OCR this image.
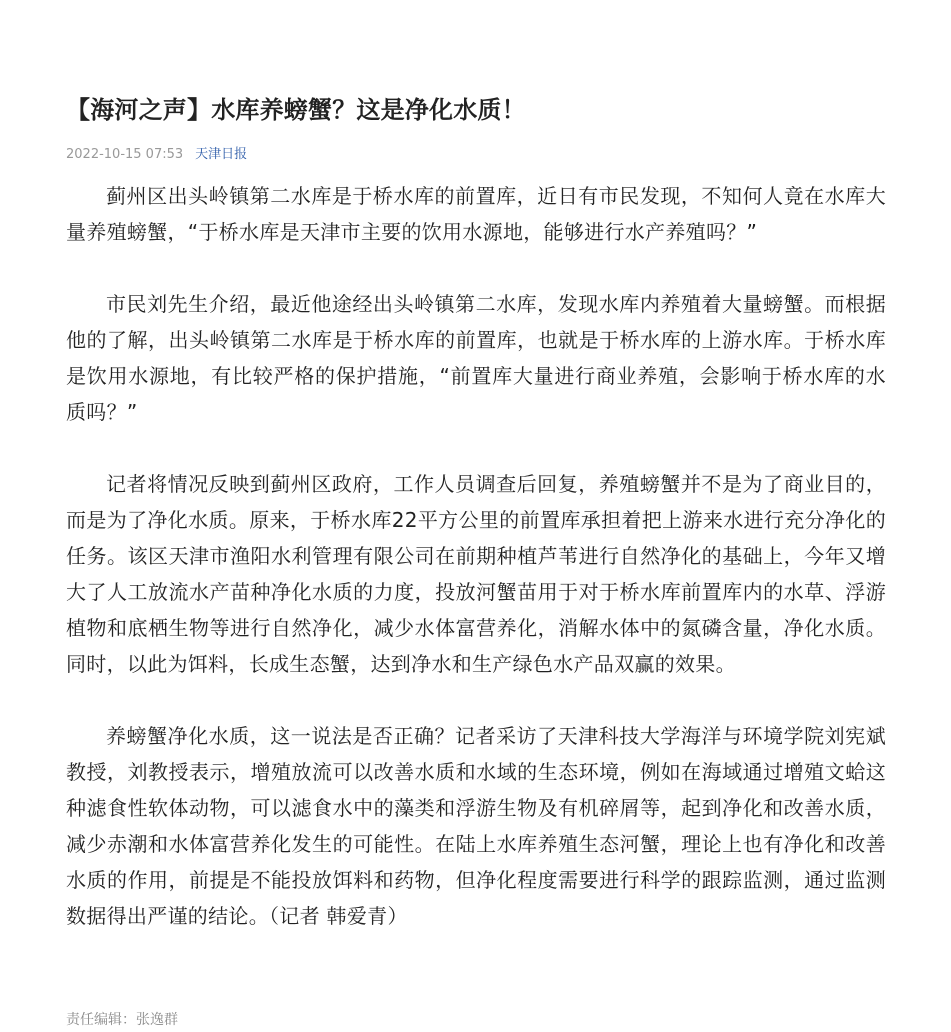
【海河之声】水库养螃蟹？这是净化水质！
2022-10-15 07:53 天津日报

蓟州区出头岭镇第二水库是于桥水库的前置库，近日有市民发现，不知何人竟在水库大量养殖螃蟹，“于桥水库是天津市主要的饮用水源地，能够进行水产养殖吗？”

市民刘先生介绍，最近他途经出头岭镇第二水库，发现水库内养殖着大量螃蟹。而根据他的了解，出头岭镇第二水库是于桥水库的前置库，也就是于桥水库的上游水库。于桥水库是饮用水源地，有比较严格的保护措施，“前置库大量进行商业养殖，会影响于桥水库的水质吗？”

记者将情况反映到蓟州区政府，工作人员调查后回复，养殖螃蟹并不是为了商业目的，而是为了净化水质。原来，于桥水库22平方公里的前置库承担着把上游来水进行充分净化的任务。该区天津市渔阳水利管理有限公司在前期种植芦苇进行自然净化的基础上，今年又增大了人工放流水产苗种净化水质的力度，投放河蟹苗用于对于桥水库前置库内的水草、浮游植物和底栖生物等进行自然净化，减少水体富营养化，消解水体中的氮磷含量，净化水质。同时，以此为饵料，长成生态蟹，达到净水和生产绿色水产品双赢的效果。

养螃蟹净化水质，这一说法是否正确？记者采访了天津科技大学海洋与环境学院刘宪斌教授，刘教授表示，增殖放流可以改善水质和水域的生态环境，例如在海域通过增殖文蛤这种滤食性软体动物，可以滤食水中的藻类和浮游生物及有机碎屑等，起到净化和改善水质，减少赤潮和水体富营养化发生的可能性。在陆上水库养殖生态河蟹，理论上也有净化和改善水质的作用，前提是不能投放饵料和药物，但净化程度需要进行科学的跟踪监测，通过监测数据得出严谨的结论。（记者 韩爱青）

责任编辑：张逸群
